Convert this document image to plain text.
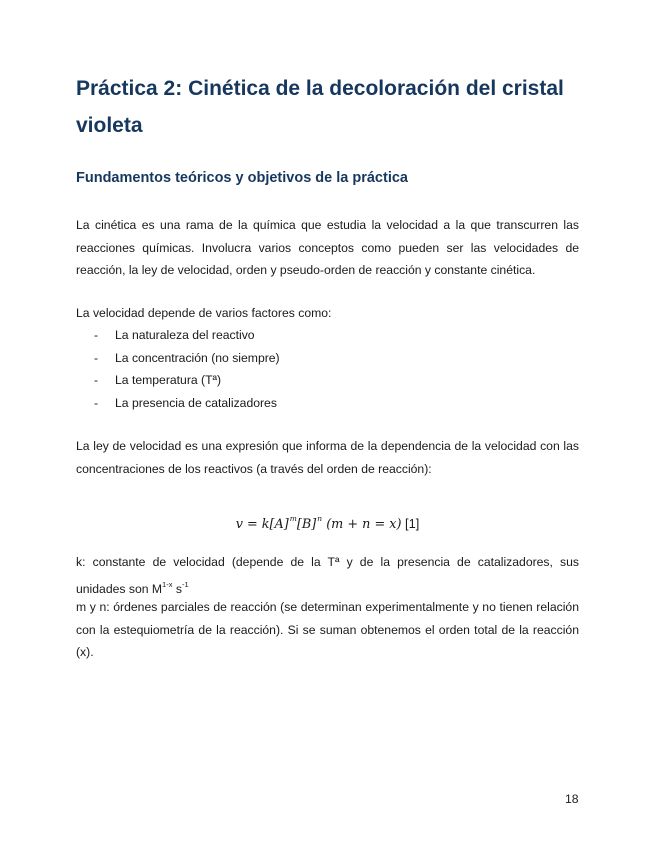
Práctica 2: Cinética de la decoloración del cristal violeta
Fundamentos teóricos y objetivos de la práctica

La cinética es una rama de la química que estudia la velocidad a la que transcurren las reacciones químicas. Involucra varios conceptos como pueden ser las velocidades de reacción, la ley de velocidad, orden y pseudo-orden de reacción y constante cinética.

La velocidad depende de varios factores como:

- La naturaleza del reactivo
- La concentración (no siempre)
- La temperatura (Tª)
- La presencia de catalizadores

La ley de velocidad es una expresión que informa de la dependencia de la velocidad con las concentraciones de los reactivos (a través del orden de reacción):

$v = k[A]^m[B]^n$ (m + n = x) [1]

k: constante de velocidad (depende de la Tª y de la presencia de catalizadores, sus unidades son $M^{1-x}$ $s^{-1}$

m y n: órdenes parciales de reacción (se determinan experimentalmente y no tienen relación con la estequiometría de la reacción). Si se suman obtenemos el orden total de la reacción (x).

18
